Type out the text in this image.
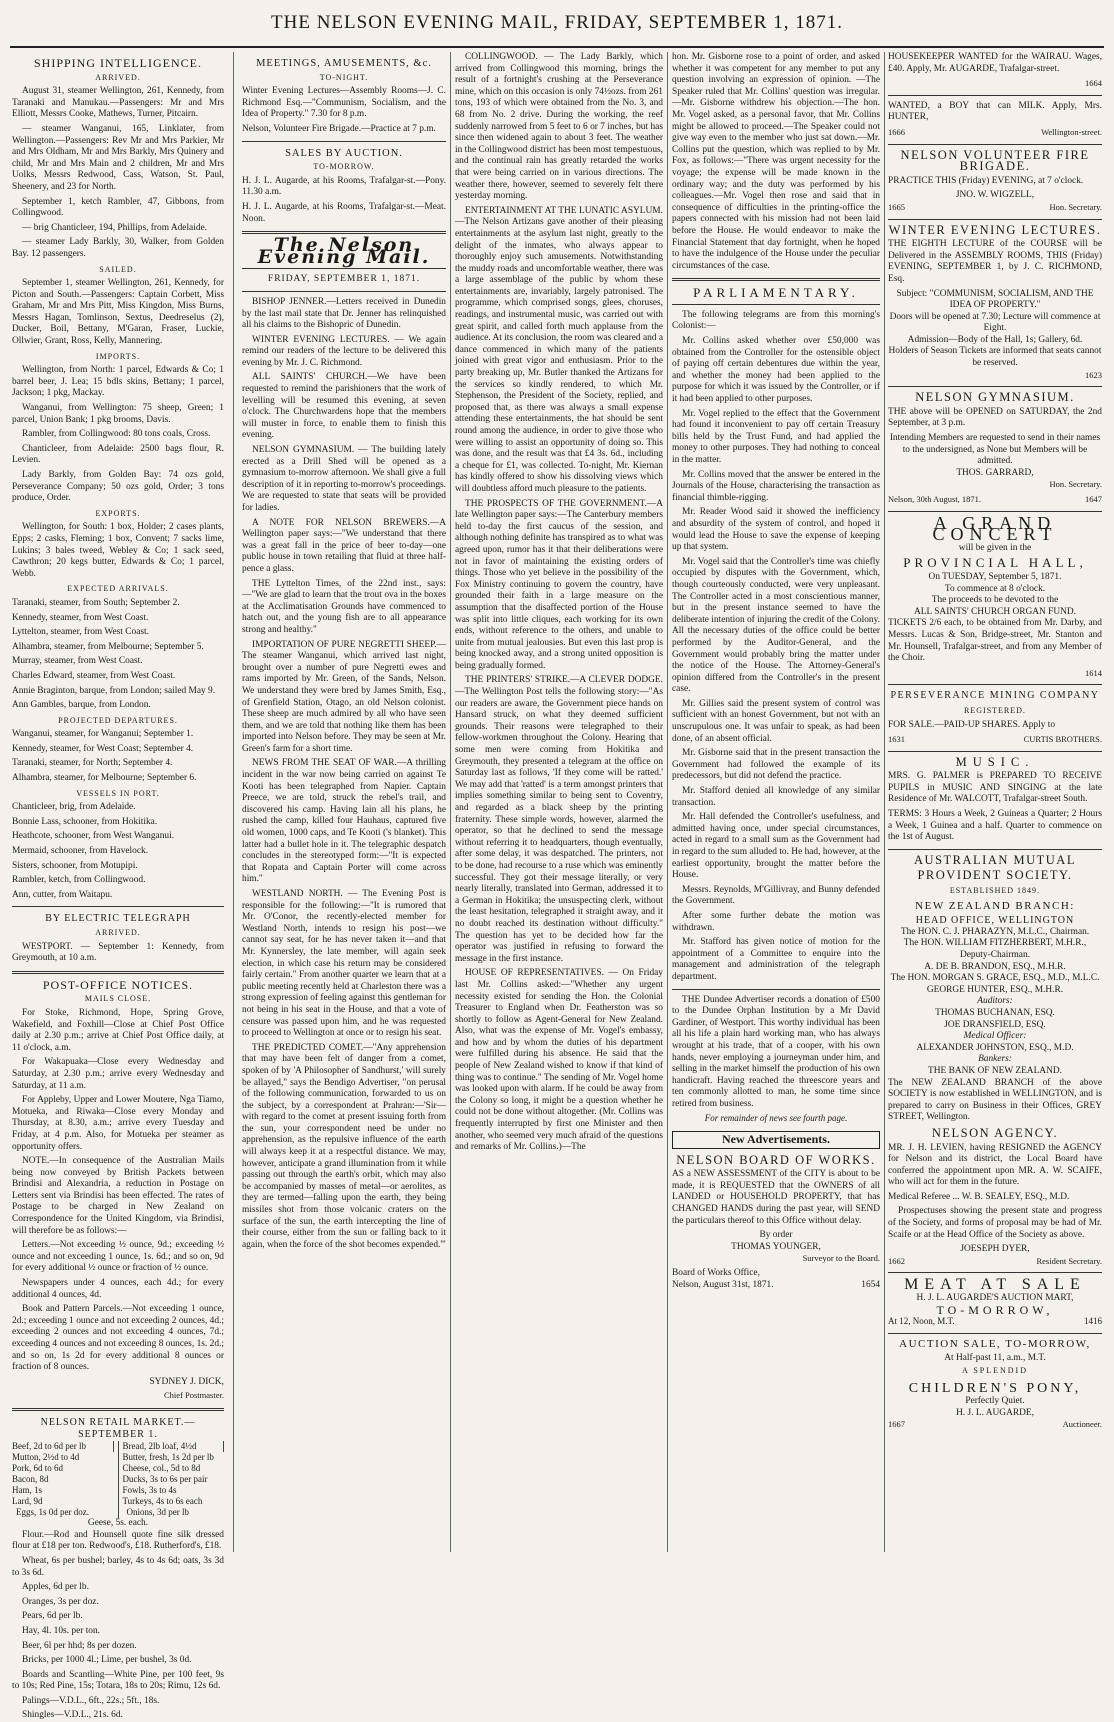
THE NELSON EVENING MAIL, FRIDAY, SEPTEMBER 1, 1871.
SHIPPING INTELLIGENCE.
ARRIVED.

August 31, steamer Wellington, 261, Kennedy, from Taranaki and Manukau.—Passengers: Mr and Mrs Elliott, Messrs Cooke, Mathews, Turner, Pitcairn.

— steamer Wanganui, 165, Linklater, from Wellington.—Passengers: Rev Mr and Mrs Parkier, Mr and Mrs Oldham, Mr and Mrs Barkly, Mrs Quinery and child, Mr and Mrs Main and 2 children, Mr and Mrs Uolks, Messrs Redwood, Cass, Watson, St. Paul, Sheenery, and 23 for North.

September 1, ketch Rambler, 47, Gibbons, from Collingwood.

— brig Chanticleer, 194, Phillips, from Adelaide.

— steamer Lady Barkly, 30, Walker, from Golden Bay. 12 passengers.

SAILED.

September 1, steamer Wellington, 261, Kennedy, for Picton and South.—Passengers: Captain Corbett, Miss Graham, Mr and Mrs Pitt, Miss Kingdon, Miss Burns, Messrs Hagan, Tomlinson, Sextus, Deedreselus (2), Ducker, Boil, Bettany, M'Garan, Fraser, Luckie, Ollwier, Grant, Ross, Kelly, Mannering.

IMPORTS.

Wellington, from North: 1 parcel, Edwards & Co; 1 barrel beer, J. Lea; 15 bdls skins, Bettany; 1 parcel, Jackson; 1 pkg, Mackay.

Wanganui, from Wellington: 75 sheep, Green; 1 parcel, Union Bank; 1 pkg brooms, Davis.

Rambler, from Collingwood: 80 tons coals, Cross.

Chanticleer, from Adelaide: 2500 bags flour, R. Levien.

Lady Barkly, from Golden Bay: 74 ozs gold, Perseverance Company; 50 ozs gold, Order; 3 tons produce, Order.

EXPORTS.

Wellington, for South: 1 box, Holder; 2 cases plants, Epps; 2 casks, Fleming; 1 box, Convent; 7 sacks lime, Lukins; 3 bales tweed, Webley & Co; 1 sack seed, Cawthron; 20 kegs butter, Edwards & Co; 1 parcel, Webb.

EXPECTED ARRIVALS.

Taranaki, steamer, from South; September 2.

Kennedy, steamer, from West Coast.

Lyttelton, steamer, from West Coast.

Alhambra, steamer, from Melbourne; September 5.

Murray, steamer, from West Coast.

Charles Edward, steamer, from West Coast.

Annie Braginton, barque, from London; sailed May 9.

Ann Gambles, barque, from London.

PROJECTED DEPARTURES.

Wanganui, steamer, for Wanganui; September 1.

Kennedy, steamer, for West Coast; September 4.

Taranaki, steamer, for North; September 4.

Alhambra, steamer, for Melbourne; September 6.

VESSELS IN PORT.

Chanticleer, brig, from Adelaide.

Bonnie Lass, schooner, from Hokitika.

Heathcote, schooner, from West Wanganui.

Mermaid, schooner, from Havelock.

Sisters, schooner, from Motupipi.

Rambler, ketch, from Collingwood.

Ann, cutter, from Waitapu.

BY ELECTRIC TELEGRAPH
ARRIVED.

WESTPORT. — September 1: Kennedy, from Greymouth, at 10 a.m.

POST-OFFICE NOTICES.
MAILS CLOSE.

For Stoke, Richmond, Hope, Spring Grove, Wakefield, and Foxhill—Close at Chief Post Office daily at 2.30 p.m.; arrive at Chief Post Office daily, at 11 o'clock, a.m.

For Wakapuaka—Close every Wednesday and Saturday, at 2.30 p.m.; arrive every Wednesday and Saturday, at 11 a.m.

For Appleby, Upper and Lower Moutere, Nga Tiamo, Motueka, and Riwaka—Close every Monday and Thursday, at 8.30, a.m.; arrive every Tuesday and Friday, at 4 p.m. Also, for Motueka per steamer as opportunity offers.

NOTE.—In consequence of the Australian Mails being now conveyed by British Packets between Brindisi and Alexandria, a reduction in Postage on Letters sent via Brindisi has been effected. The rates of Postage to be charged in New Zealand on Correspondence for the United Kingdom, via Brindisi, will therefore be as follows:—

Letters.—Not exceeding ½ ounce, 9d.; exceeding ½ ounce and not exceeding 1 ounce, 1s. 6d.; and so on, 9d for every additional ½ ounce or fraction of ½ ounce.

Newspapers under 4 ounces, each 4d.; for every additional 4 ounces, 4d.

Book and Pattern Parcels.—Not exceeding 1 ounce, 2d.; exceeding 1 ounce and not exceeding 2 ounces, 4d.; exceeding 2 ounces and not exceeding 4 ounces, 7d.; exceeding 4 ounces and not exceeding 8 ounces, 1s. 2d.; and so on, 1s 2d for every additional 8 ounces or fraction of 8 ounces.

SYDNEY J. DICK,
Chief Postmaster.
NELSON RETAIL MARKET.—SEPTEMBER 1.
Beef, 2d to 6d per lb
Mutton, 2½d to 4d
Pork, 6d to 6d
Bacon, 8d
Ham, 1s
Lard, 9d
Eggs, 1s 0d per doz.
Bread, 2lb loaf, 4½d
Butter, fresh, 1s 2d per lb
Cheese, col., 5d to 8d
Ducks, 3s to 6s per pair
Fowls, 3s to 4s
Turkeys, 4s to 6s each
Onions, 3d per lb
Geese, 5s. each.

Flour.—Rod and Hounsell quote fine silk dressed flour at £18 per ton. Redwood's, £18. Rutherford's, £18.

Wheat, 6s per bushel; barley, 4s to 4s 6d; oats, 3s 3d to 3s 6d.

Apples, 6d per lb.

Oranges, 3s per doz.

Pears, 6d per lb.

Hay, 4l. 10s. per ton.

Beer, 6l per hhd; 8s per dozen.

Bricks, per 1000 4l.; Lime, per bushel, 3s 0d.

Boards and Scantling—White Pine, per 100 feet, 9s to 10s; Red Pine, 15s; Totara, 18s to 20s; Rimu, 12s 6d.

Palings—V.D.L., 6ft., 22s.; 5ft., 18s.

Shingles—V.D.L., 21s. 6d.

MEETINGS, AMUSEMENTS, &c.
TO-NIGHT.

Winter Evening Lectures—Assembly Rooms—J. C. Richmond Esq.—"Communism, Socialism, and the Idea of Property." 7.30 for 8 p.m.

Nelson, Volunteer Fire Brigade.—Practice at 7 p.m.

SALES BY AUCTION.
TO-MORROW.

H. J. L. Augarde, at his Rooms, Trafalgar-st.—Pony. 11.30 a.m.

H. J. L. Augarde, at his Rooms, Trafalgar-st.—Meat. Noon.

The Nelson Evening Mail.
FRIDAY, SEPTEMBER 1, 1871.

BISHOP JENNER.—Letters received in Dunedin by the last mail state that Dr. Jenner has relinquished all his claims to the Bishopric of Dunedin.

WINTER EVENING LECTURES. — We again remind our readers of the lecture to be delivered this evening by Mr. J. C. Richmond.

ALL SAINTS' CHURCH.—We have been requested to remind the parishioners that the work of levelling will be resumed this evening, at seven o'clock. The Churchwardens hope that the members will muster in force, to enable them to finish this evening.

NELSON GYMNASIUM. — The building lately erected as a Drill Shed will be opened as a gymnasium to-morrow afternoon. We shall give a full description of it in reporting to-morrow's proceedings. We are requested to state that seats will be provided for ladies.

A NOTE FOR NELSON BREWERS.—A Wellington paper says:—"We understand that there was a great fall in the price of beer to-day—one public house in town retailing that fluid at three half-pence a glass.

THE Lyttelton Times, of the 22nd inst., says:—"We are glad to learn that the trout ova in the boxes at the Acclimatisation Grounds have commenced to hatch out, and the young fish are to all appearance strong and healthy."

IMPORTATION OF PURE NEGRETTI SHEEP.—The steamer Wanganui, which arrived last night, brought over a number of pure Negretti ewes and rams imported by Mr. Green, of the Sands, Nelson. We understand they were bred by James Smith, Esq., of Grenfield Station, Otago, an old Nelson colonist. These sheep are much admired by all who have seen them, and we are told that nothing like them has been imported into Nelson before. They may be seen at Mr. Green's farm for a short time.

NEWS FROM THE SEAT OF WAR.—A thrilling incident in the war now being carried on against Te Kooti has been telegraphed from Napier. Captain Preece, we are told, struck the rebel's trail, and discovered his camp. Having lain all his plans, he rushed the camp, killed four Hauhaus, captured five old women, 1000 caps, and Te Kooti ('s blanket). This latter had a bullet hole in it. The telegraphic despatch concludes in the stereotyped form:—"It is expected that Ropata and Captain Porter will come across him."

WESTLAND NORTH. — The Evening Post is responsible for the following:—"It is rumored that Mr. O'Conor, the recently-elected member for Westland North, intends to resign his post—we cannot say seat, for he has never taken it—and that Mr. Kynnersley, the late member, will again seek election, in which case his return may be considered fairly certain." From another quarter we learn that at a public meeting recently held at Charleston there was a strong expression of feeling against this gentleman for not being in his seat in the House, and that a vote of censure was passed upon him, and he was requested to proceed to Wellington at once or to resign his seat.

THE PREDICTED COMET.—"Any apprehension that may have been felt of danger from a comet, spoken of by 'A Philosopher of Sandhurst,' will surely be allayed," says the Bendigo Advertiser, "on perusal of the following communication, forwarded to us on the subject, by a correspondent at Prahran:—'Sir—with regard to the comet at present issuing forth from the sun, your correspondent need be under no apprehension, as the repulsive influence of the earth will always keep it at a respectful distance. We may, however, anticipate a grand illumination from it while passing out through the earth's orbit, which may also be accompanied by masses of metal—or aerolites, as they are termed—falling upon the earth, they being missiles shot from those volcanic craters on the surface of the sun, the earth intercepting the line of their course, either from the sun or falling back to it again, when the force of the shot becomes expended.'"

COLLINGWOOD. — The Lady Barkly, which arrived from Collingwood this morning, brings the result of a fortnight's crushing at the Perseverance mine, which on this occasion is only 74½ozs. from 261 tons, 193 of which were obtained from the No. 3, and 68 from No. 2 drive. During the working, the reef suddenly narrowed from 5 feet to 6 or 7 inches, but has since then widened again to about 3 feet. The weather in the Collingwood district has been most tempestuous, and the continual rain has greatly retarded the works that were being carried on in various directions. The weather there, however, seemed to severely felt there yesterday morning.

ENTERTAINMENT AT THE LUNATIC ASYLUM.—The Nelson Artizans gave another of their pleasing entertainments at the asylum last night, greatly to the delight of the inmates, who always appear to thoroughly enjoy such amusements. Notwithstanding the muddy roads and uncomfortable weather, there was a large assemblage of the public by whom these entertainments are, invariably, largely patronised. The programme, which comprised songs, glees, choruses, readings, and instrumental music, was carried out with great spirit, and called forth much applause from the audience. At its conclusion, the room was cleared and a dance commenced in which many of the patients joined with great vigor and enthusiasm. Prior to the party breaking up, Mr. Butler thanked the Artizans for the services so kindly rendered, to which Mr. Stephenson, the President of the Society, replied, and proposed that, as there was always a small expense attending these entertainments, the hat should be sent round among the audience, in order to give those who were willing to assist an opportunity of doing so. This was done, and the result was that £4 3s. 6d., including a cheque for £1, was collected. To-night, Mr. Kiernan has kindly offered to show his dissolving views which will doubtless afford much pleasure to the patients.

THE PROSPECTS OF THE GOVERNMENT.—A late Wellington paper says:—The Canterbury members held to-day the first caucus of the session, and although nothing definite has transpired as to what was agreed upon, rumor has it that their deliberations were not in favor of maintaining the existing orders of things. Those who yet believe in the possibility of the Fox Ministry continuing to govern the country, have grounded their faith in a large measure on the assumption that the disaffected portion of the House was split into little cliques, each working for its own ends, without reference to the others, and unable to unite from mutual jealousies. But even this last prop is being knocked away, and a strong united opposition is being gradually formed.

THE PRINTERS' STRIKE.—A CLEVER DODGE.—The Wellington Post tells the following story:—"As our readers are aware, the Government piece hands on Hansard struck, on what they deemed sufficient grounds. Their reasons were telegraphed to their fellow-workmen throughout the Colony. Hearing that some men were coming from Hokitika and Greymouth, they presented a telegram at the office on Saturday last as follows, 'If they come will be ratted.' We may add that 'ratted' is a term amongst printers that implies something similar to being sent to Coventry, and regarded as a black sheep by the printing fraternity. These simple words, however, alarmed the operator, so that he declined to send the message without referring it to headquarters, though eventually, after some delay, it was despatched. The printers, not to be done, had recourse to a ruse which was eminently successful. They got their message literally, or very nearly literally, translated into German, addressed it to a German in Hokitika; the unsuspecting clerk, without the least hesitation, telegraphed it straight away, and it no doubt reached its destination without difficulty." The question has yet to be decided how far the operator was justified in refusing to forward the message in the first instance.

HOUSE OF REPRESENTATIVES. — On Friday last Mr. Collins asked:—"Whether any urgent necessity existed for sending the Hon. the Colonial Treasurer to England when Dr. Featherston was so shortly to follow as Agent-General for New Zealand. Also, what was the expense of Mr. Vogel's embassy, and how and by whom the duties of his department were fulfilled during his absence. He said that the people of New Zealand wished to know if that kind of thing was to continue." The sending of Mr. Vogel home was looked upon with alarm. If he could be away from the Colony so long, it might be a question whether he could not be done without altogether. (Mr. Collins was frequently interrupted by first one Minister and then another, who seemed very much afraid of the questions and remarks of Mr. Collins.)—The

hon. Mr. Gisborne rose to a point of order, and asked whether it was competent for any member to put any question involving an expression of opinion. —The Speaker ruled that Mr. Collins' question was irregular.—Mr. Gisborne withdrew his objection.—The hon. Mr. Vogel asked, as a personal favor, that Mr. Collins might be allowed to proceed.—The Speaker could not give way even to the member who just sat down.—Mr. Collins put the question, which was replied to by Mr. Fox, as follows:—"There was urgent necessity for the voyage; the expense will be made known in the ordinary way; and the duty was performed by his colleagues.—Mr. Vogel then rose and said that in consequence of difficulties in the printing-office the papers connected with his mission had not been laid before the House. He would endeavor to make the Financial Statement that day fortnight, when he hoped to have the indulgence of the House under the peculiar circumstances of the case.

PARLIAMENTARY.

The following telegrams are from this morning's Colonist:—

Mr. Collins asked whether over £50,000 was obtained from the Controller for the ostensible object of paying off certain debentures due within the year, and whether the money had been applied to the purpose for which it was issued by the Controller, or if it had been applied to other purposes.

Mr. Vogel replied to the effect that the Government had found it inconvenient to pay off certain Treasury bills held by the Trust Fund, and had applied the money to other purposes. They had nothing to conceal in the matter.

Mr. Collins moved that the answer be entered in the Journals of the House, characterising the transaction as financial thimble-rigging.

Mr. Reader Wood said it showed the inefficiency and absurdity of the system of control, and hoped it would lead the House to save the expense of keeping up that system.

Mr. Vogel said that the Controller's time was chiefly occupied by disputes with the Government, which, though courteously conducted, were very unpleasant. The Controller acted in a most conscientious manner, but in the present instance seemed to have the deliberate intention of injuring the credit of the Colony. All the necessary duties of the office could be better performed by the Auditor-General, and the Government would probably bring the matter under the notice of the House. The Attorney-General's opinion differed from the Controller's in the present case.

Mr. Gillies said the present system of control was sufficient with an honest Government, but not with an unscrupulous one. It was unfair to speak, as had been done, of an absent official.

Mr. Gisborne said that in the present transaction the Government had followed the example of its predecessors, but did not defend the practice.

Mr. Stafford denied all knowledge of any similar transaction.

Mr. Hall defended the Controller's usefulness, and admitted having once, under special circumstances, acted in regard to a small sum as the Government had in regard to the sum alluded to. He had, however, at the earliest opportunity, brought the matter before the House.

Messrs. Reynolds, M'Gillivray, and Bunny defended the Government.

After some further debate the motion was withdrawn.

Mr. Stafford has given notice of motion for the appointment of a Committee to enquire into the management and administration of the telegraph department.

THE Dundee Advertiser records a donation of £500 to the Dundee Orphan Institution by a Mr David Gardiner, of Westport. This worthy individual has been all his life a plain hard working man, who has always wrought at his trade, that of a cooper, with his own hands, never employing a journeyman under him, and selling in the market himself the production of his own handicraft. Having reached the threescore years and ten commonly allotted to man, he some time since retired from business.

For remainder of news see fourth page.
New Advertisements.
NELSON BOARD OF WORKS.

AS a NEW ASSESSMENT of the CITY is about to be made, it is REQUESTED that the OWNERS of all LANDED or HOUSEHOLD PROPERTY, that has CHANGED HANDS during the past year, will SEND the particulars thereof to this Office without delay.

By order
THOMAS YOUNGER,
Surveyor to the Board.
Board of Works Office,
Nelson, August 31st, 1871.	1654

HOUSEKEEPER WANTED for the WAIRAU. Wages, £40. Apply, Mr. AUGARDE, Trafalgar-street.

1664

WANTED, a BOY that can MILK. Apply, Mrs. HUNTER,

1666	Wellington-street.
NELSON VOLUNTEER FIRE BRIGADE.

PRACTICE THIS (Friday) EVENING, at 7 o'clock.

JNO. W. WIGZELL,
1665	Hon. Secretary.
WINTER EVENING LECTURES.

THE EIGHTH LECTURE of the COURSE will be Delivered in the ASSEMBLY ROOMS, THIS (Friday) EVENING, SEPTEMBER 1, by J. C. RICHMOND, Esq.

Subject: "COMMUNISM, SOCIALISM, AND THE IDEA OF PROPERTY."
Doors will be opened at 7.30; Lecture will commence at Eight.
Admission—Body of the Hall, 1s; Gallery, 6d.
Holders of Season Tickets are informed that seats cannot be reserved.
1623
NELSON GYMNASIUM.

THE above will be OPENED on SATURDAY, the 2nd September, at 3 p.m.

Intending Members are requested to send in their names to the undersigned, as None but Members will be admitted.
THOS. GARRARD,
Hon. Secretary.
Nelson, 30th August, 1871.	1647
A GRAND CONCERT
will be given in the
PROVINCIAL HALL,
On TUESDAY, September 5, 1871.
To commence at 8 o'clock.
The proceeds to be devoted to the
ALL SAINTS' CHURCH ORGAN FUND.

TICKETS 2/6 each, to be obtained from Mr. Darby, and Messrs. Lucas & Son, Bridge-street, Mr. Stanton and Mr. Hounsell, Trafalgar-street, and from any Member of the Choir.

1614
PERSEVERANCE MINING COMPANY
REGISTERED.

FOR SALE.—PAID-UP SHARES. Apply to

1631	CURTIS BROTHERS.
MUSIC.

MRS. G. PALMER is PREPARED TO RECEIVE PUPILS in MUSIC AND SINGING at the late Residence of Mr. WALCOTT, Trafalgar-street South.

TERMS: 3 Hours a Week, 2 Guineas a Quarter; 2 Hours a Week, 1 Guinea and a half. Quarter to commence on the 1st of August.

AUSTRALIAN MUTUAL
PROVIDENT SOCIETY.
ESTABLISHED 1849.
NEW ZEALAND BRANCH:
HEAD OFFICE, WELLINGTON
The HON. C. J. PHARAZYN, M.L.C., Chairman.
The HON. WILLIAM FITZHERBERT, M.H.R., Deputy-Chairman.
A. DE B. BRANDON, ESQ., M.H.R.
The HON. MORGAN S. GRACE, ESQ., M.D., M.L.C.
GEORGE HUNTER, ESQ., M.H.R.
Auditors:
THOMAS BUCHANAN, ESQ.
JOE DRANSFIELD, ESQ.
Medical Officer:
ALEXANDER JOHNSTON, ESQ., M.D.
Bankers:
THE BANK OF NEW ZEALAND.

The NEW ZEALAND BRANCH of the above SOCIETY is now established in WELLINGTON, and is prepared to carry on Business in their Offices, GREY STREET, Wellington.

NELSON AGENCY.

MR. J. H. LEVIEN, having RESIGNED the AGENCY for Nelson and its district, the Local Board have conferred the appointment upon MR. A. W. SCAIFE, who will act for them in the future.

Medical Referee ... W. B. SEALEY, ESQ., M.D.

Prospectuses showing the present state and progress of the Society, and forms of proposal may be had of Mr. Scaife or at the Head Office of the Society as above.

JOESEPH DYER,
1662	Resident Secretary.
MEAT AT SALE
H. J. L. AUGARDE'S AUCTION MART,
TO-MORROW,
At 12, Noon, M.T.	1416
AUCTION SALE, TO-MORROW,
At Half-past 11, a.m., M.T.
A SPLENDID
CHILDREN'S PONY,
Perfectly Quiet.
H. J. L. AUGARDE,
1667	Auctioneer.
